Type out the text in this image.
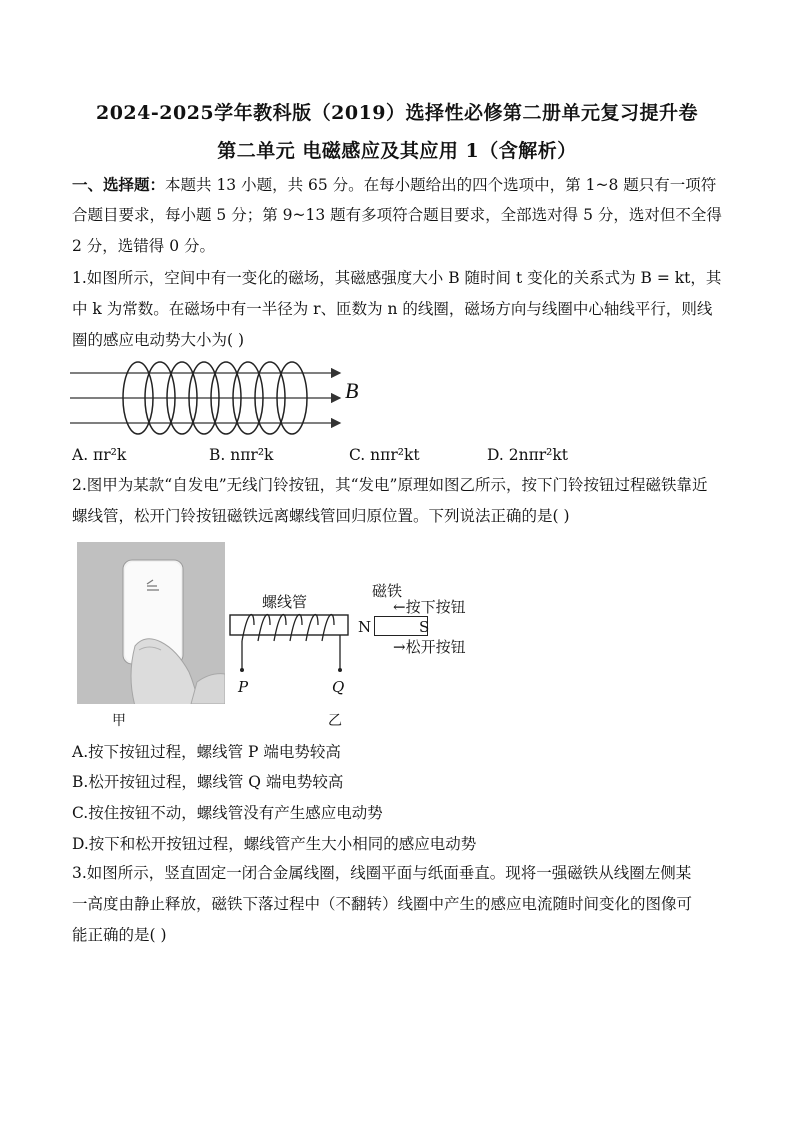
2024-2025学年教科版（2019）选择性必修第二册单元复习提升卷
第二单元 电磁感应及其应用 1（含解析）
一、选择题：本题共 13 小题，共 65 分。在每小题给出的四个选项中，第 1~8 题只有一项符
合题目要求，每小题 5 分；第 9~13 题有多项符合题目要求，全部选对得 5 分，选对但不全得
2 分，选错得 0 分。
1.如图所示，空间中有一变化的磁场，其磁感强度大小 B 随时间 t 变化的关系式为 B = kt，其
中 k 为常数。在磁场中有一半径为 r、匝数为 n 的线圈，磁场方向与线圈中心轴线平行，则线
圈的感应电动势大小为( )
B
A. πr²k	B. nπr²k	C. nπr²kt	D. 2nπr²kt
2.图甲为某款“自发电”无线门铃按钮，其“发电”原理如图乙所示，按下门铃按钮过程磁铁靠近
螺线管，松开门铃按钮磁铁远离螺线管回归原位置。下列说法正确的是( )
甲
螺线管
P	Q
磁铁
←按下按钮
N	S
→松开按钮
乙
A.按下按钮过程，螺线管 P 端电势较高
B.松开按钮过程，螺线管 Q 端电势较高
C.按住按钮不动，螺线管没有产生感应电动势
D.按下和松开按钮过程，螺线管产生大小相同的感应电动势
3.如图所示，竖直固定一闭合金属线圈，线圈平面与纸面垂直。现将一强磁铁从线圈左侧某
一高度由静止释放，磁铁下落过程中（不翻转）线圈中产生的感应电流随时间变化的图像可
能正确的是( )
